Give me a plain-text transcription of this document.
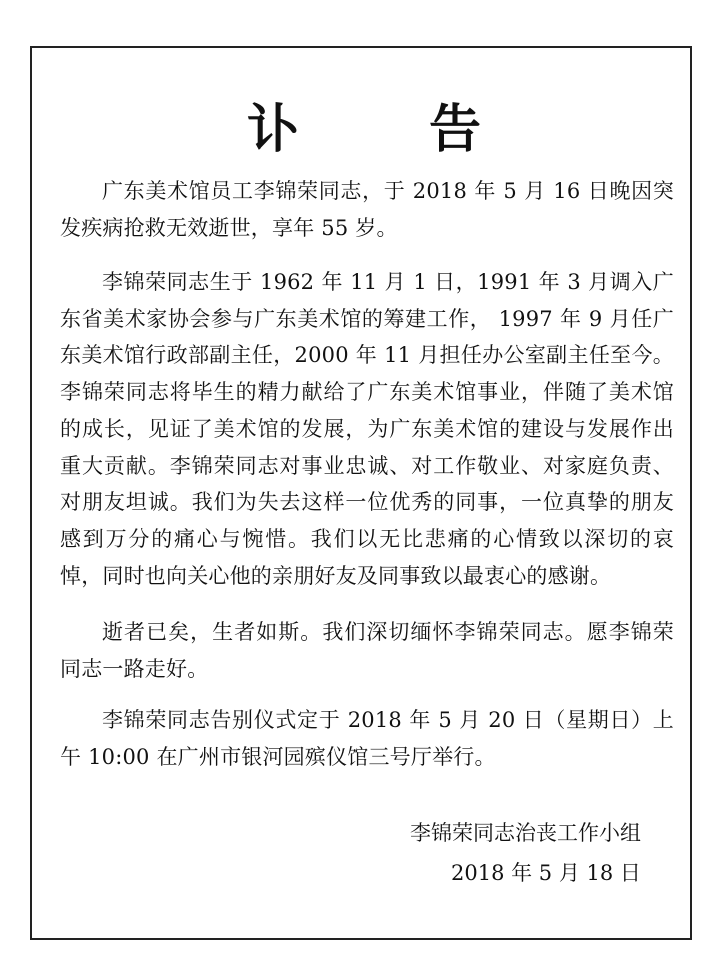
讣 告
广东美术馆员工李锦荣同志，于 2018 年 5 月 16 日晚因突发疾病抢救无效逝世，享年 55 岁。
李锦荣同志生于 1962 年 11 月 1 日，1991 年 3 月调入广东省美术家协会参与广东美术馆的筹建工作， 1997 年 9 月任广东美术馆行政部副主任，2000 年 11 月担任办公室副主任至今。李锦荣同志将毕生的精力献给了广东美术馆事业，伴随了美术馆的成长，见证了美术馆的发展，为广东美术馆的建设与发展作出重大贡献。李锦荣同志对事业忠诚、对工作敬业、对家庭负责、对朋友坦诚。我们为失去这样一位优秀的同事，一位真挚的朋友感到万分的痛心与惋惜。我们以无比悲痛的心情致以深切的哀悼，同时也向关心他的亲朋好友及同事致以最衷心的感谢。
逝者已矣，生者如斯。我们深切缅怀李锦荣同志。愿李锦荣同志一路走好。
李锦荣同志告别仪式定于 2018 年 5 月 20 日（星期日）上午 10:00 在广州市银河园殡仪馆三号厅举行。
李锦荣同志治丧工作小组
2018 年 5 月 18 日
